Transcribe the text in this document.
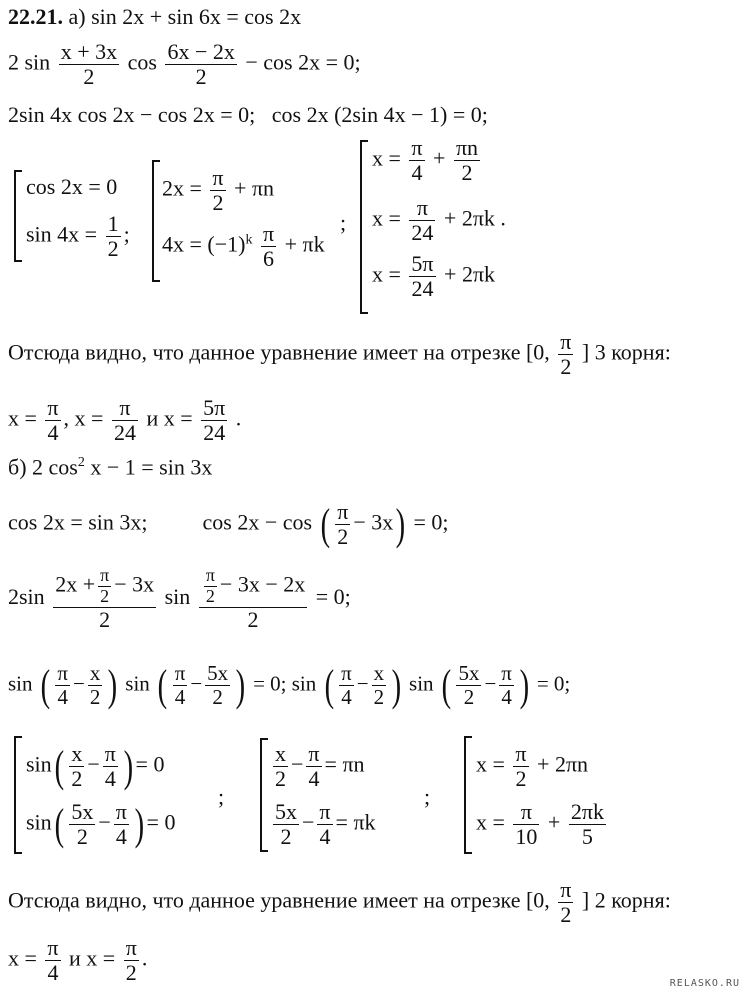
22.21. а) sin 2x + sin 6x = cos 2x
2 $\sin \frac{x + 3x}{2}$ $\cos \frac{6x - 2x}{2} - \cos 2x = 0$;
2sin 4x cos 2x − cos 2x = 0;   cos 2x (2sin 4x − 1) = 0;
cos 2x = 0
$\sin 4x = \frac{1}{2}$ ;
$2x = \frac{\pi}{2} + \pi n$
$4x = (-1)^k \frac{\pi}{6} + \pi k$
;
$x = \frac{\pi}{4} + \frac{\pi n}{2}$
$x = \frac{\pi}{24} + 2\pi k$ .
$x = \frac{5\pi}{24} + 2\pi k$
Отсюда видно, что данное уравнение имеет на отрезке [0, $\frac{\pi}{2}$ ] 3 корня:
$x = \frac{\pi}{4}$ , $x = \frac{\pi}{24}$ и $x = \frac{5\pi}{24}$ .
б) 2 $\cos^2 x - 1 = \sin 3x$
cos 2x = sin 3x;	cos 2x − cos ( $\frac{\pi}{2} - 3x) = 0$;
$2\sin \frac{2x + \frac{\pi}{2} - 3x}{2}$ $\sin \frac{\frac{\pi}{2} - 3x - 2x}{2} = 0$;
sin ( $\frac{\pi}{4} - \frac{x}{2}$ ) sin ( $\frac{\pi}{4} - \frac{5x}{2}$ ) = 0; sin ( $\frac{\pi}{4} - \frac{x}{2}$ ) sin ( $\frac{5x}{2} - \frac{\pi}{4}$ ) = 0;
$\sin( \frac{x}{2} - \frac{\pi}{4}$ ) = 0
$\sin( \frac{5x}{2} - \frac{\pi}{4}$ ) = 0
;
$\frac{x}{2} - \frac{\pi}{4} = \pi n$
$\frac{5x}{2} - \frac{\pi}{4} = \pi k$
;
$x = \frac{\pi}{2} + 2\pi n$
$x = \frac{\pi}{10} + \frac{2\pi k}{5}$
Отсюда видно, что данное уравнение имеет на отрезке [0, $\frac{\pi}{2}$ ] 2 корня:
$x = \frac{\pi}{4}$ и $x = \frac{\pi}{2}$ .
RELASKO.RU
